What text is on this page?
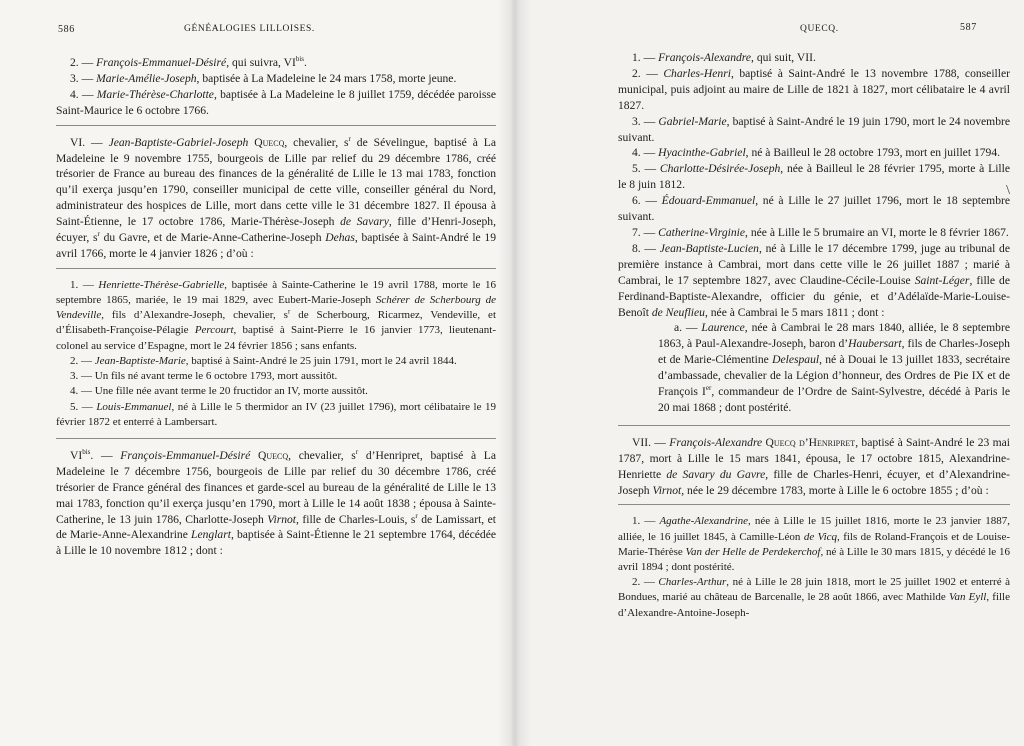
586	GÉNÉALOGIES LILLOISES.

2. — François-Emmanuel-Désiré, qui suivra, $VI^{bis}$.

3. — Marie-Amélie-Joseph, baptisée à La Madeleine le 24 mars 1758, morte jeune.

4. — Marie-Thérèse-Charlotte, baptisée à La Madeleine le 8 juillet 1759, décédée paroisse Saint-Maurice le 6 octobre 1766.

VI. — Jean-Baptiste-Gabriel-Joseph Quecq, chevalier, $s^r$ de Sévelingue, baptisé à La Madeleine le 9 novembre 1755, bourgeois de Lille par relief du 29 décembre 1786, créé trésorier de France au bureau des finances de la généralité de Lille le 13 mai 1783, fonction qu’il exerça jusqu’en 1790, conseiller municipal de cette ville, conseiller général du Nord, administrateur des hospices de Lille, mort dans cette ville le 31 décembre 1827. Il épousa à Saint-Étienne, le 17 octobre 1786, Marie-Thérèse-Joseph de Savary, fille d’Henri-Joseph, écuyer, $s^r$ du Gavre, et de Marie-Anne-Catherine-Joseph Dehas, baptisée à Saint-André le 19 avril 1766, morte le 4 janvier 1826 ; d’où :

1. — Henriette-Thérèse-Gabrielle, baptisée à Sainte-Catherine le 19 avril 1788, morte le 16 septembre 1865, mariée, le 19 mai 1829, avec Eubert-Marie-Joseph Schérer de Scherbourg de Vendeville, fils d’Alexandre-Joseph, chevalier, $s^r$ de Scherbourg, Ricarmez, Vendeville, et d’Élisabeth-Françoise-Pélagie Percourt, baptisé à Saint-Pierre le 16 janvier 1773, lieutenant-colonel au service d’Espagne, mort le 24 février 1856 ; sans enfants.

2. — Jean-Baptiste-Marie, baptisé à Saint-André le 25 juin 1791, mort le 24 avril 1844.

3. — Un fils né avant terme le 6 octobre 1793, mort aussitôt.

4. — Une fille née avant terme le 20 fructidor an IV, morte aussitôt.

5. — Louis-Emmanuel, né à Lille le 5 thermidor an IV (23 juillet 1796), mort célibataire le 19 février 1872 et enterré à Lambersart.

$VI^{bis}$. — François-Emmanuel-Désiré Quecq, chevalier, $s^r$ d’Henripret, baptisé à La Madeleine le 7 décembre 1756, bourgeois de Lille par relief du 30 décembre 1786, créé trésorier de France général des finances et garde-scel au bureau de la généralité de Lille le 13 mai 1783, fonction qu’il exerça jusqu’en 1790, mort à Lille le 14 août 1838 ; épousa à Sainte-Catherine, le 13 juin 1786, Charlotte-Joseph Virnot, fille de Charles-Louis, $s^r$ de Lamissart, et de Marie-Anne-Alexandrine Lenglart, baptisée à Saint-Étienne le 21 septembre 1764, décédée à Lille le 10 novembre 1812 ; dont :

QUECQ.	587
\

1. — François-Alexandre, qui suit, VII.

2. — Charles-Henri, baptisé à Saint-André le 13 novembre 1788, conseiller municipal, puis adjoint au maire de Lille de 1821 à 1827, mort célibataire le 4 avril 1827.

3. — Gabriel-Marie, baptisé à Saint-André le 19 juin 1790, mort le 24 novembre suivant.

4. — Hyacinthe-Gabriel, né à Bailleul le 28 octobre 1793, mort en juillet 1794.

5. — Charlotte-Désirée-Joseph, née à Bailleul le 28 février 1795, morte à Lille le 8 juin 1812.

6. — Édouard-Emmanuel, né à Lille le 27 juillet 1796, mort le 18 septembre suivant.

7. — Catherine-Virginie, née à Lille le 5 brumaire an VI, morte le 8 février 1867.

8. — Jean-Baptiste-Lucien, né à Lille le 17 décembre 1799, juge au tribunal de première instance à Cambrai, mort dans cette ville le 26 juillet 1887 ; marié à Cambrai, le 17 septembre 1827, avec Claudine-Cécile-Louise Saint-Léger, fille de Ferdinand-Baptiste-Alexandre, officier du génie, et d’Adélaïde-Marie-Louise-Benoît de Neuflieu, née à Cambrai le 5 mars 1811 ; dont :

a. — Laurence, née à Cambrai le 28 mars 1840, alliée, le 8 septembre 1863, à Paul-Alexandre-Joseph, baron d’Haubersart, fils de Charles-Joseph et de Marie-Clémentine Delespaul, né à Douai le 13 juillet 1833, secrétaire d’ambassade, chevalier de la Légion d’honneur, des Ordres de Pie IX et de François Ier, commandeur de l’Ordre de Saint-Sylvestre, décédé à Paris le 20 mai 1868 ; dont postérité.

VII. — François-Alexandre Quecq d’Henripret, baptisé à Saint-André le 23 mai 1787, mort à Lille le 15 mars 1841, épousa, le 17 octobre 1815, Alexandrine-Henriette de Savary du Gavre, fille de Charles-Henri, écuyer, et d’Alexandrine-Joseph Virnot, née le 29 décembre 1783, morte à Lille le 6 octobre 1855 ; d’où :

1. — Agathe-Alexandrine, née à Lille le 15 juillet 1816, morte le 23 janvier 1887, alliée, le 16 juillet 1845, à Camille-Léon de Vicq, fils de Roland-François et de Louise-Marie-Thérèse Van der Helle de Perdekerchof, né à Lille le 30 mars 1815, y décédé le 16 avril 1894 ; dont postérité.

2. — Charles-Arthur, né à Lille le 28 juin 1818, mort le 25 juillet 1902 et enterré à Bondues, marié au château de Barcenalle, le 28 août 1866, avec Mathilde Van Eyll, fille d’Alexandre-Antoine-Joseph-
